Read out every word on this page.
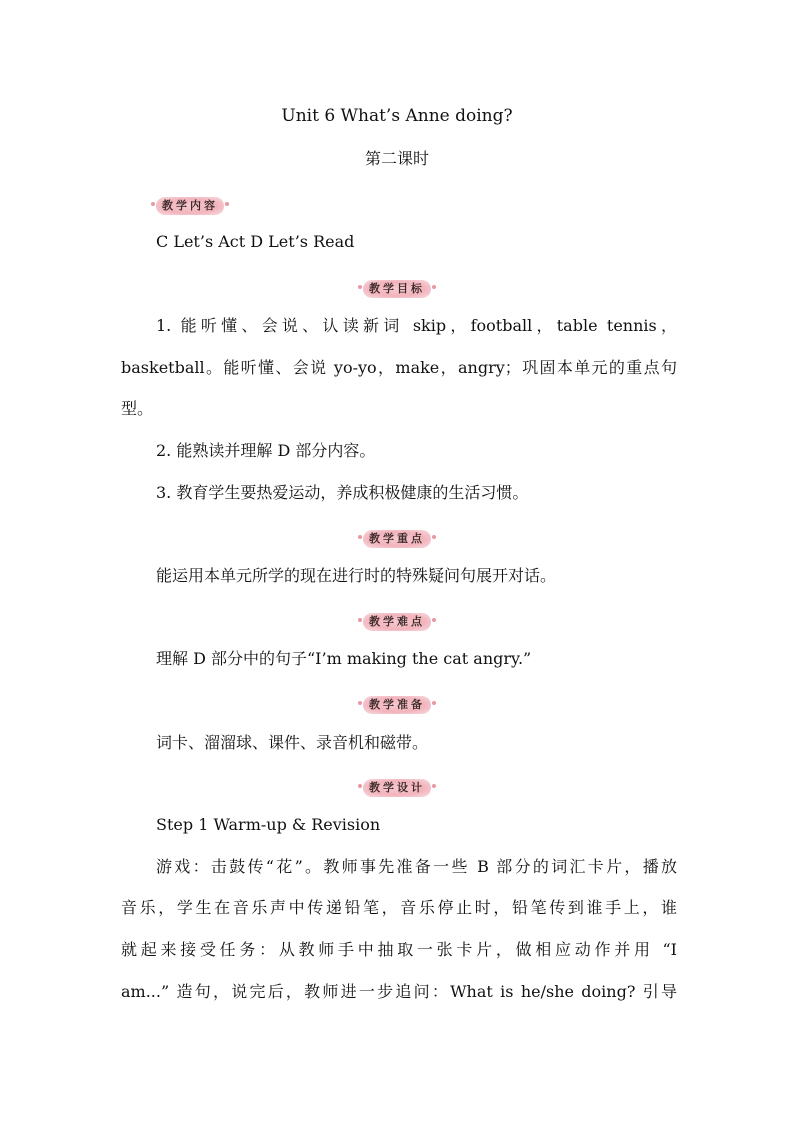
Unit 6 What’s Anne doing?
第二课时
教学内容
C Let’s Act D Let’s Read
教学目标
1. 能听懂、会说、认读新词 skip，football，table tennis，
basketball。能听懂、会说 yo-yo，make，angry；巩固本单元的重点句
型。
2. 能熟读并理解 D 部分内容。
3. 教育学生要热爱运动，养成积极健康的生活习惯。
教学重点
能运用本单元所学的现在进行时的特殊疑问句展开对话。
教学难点
理解 D 部分中的句子“I’m making the cat angry.”
教学准备
词卡、溜溜球、课件、录音机和磁带。
教学设计
Step 1 Warm-up & Revision
游戏：击鼓传“花”。教师事先准备一些 B 部分的词汇卡片，播放
音乐，学生在音乐声中传递铅笔，音乐停止时，铅笔传到谁手上，谁
就起来接受任务：从教师手中抽取一张卡片，做相应动作并用 “I
am...” 造句，说完后，教师进一步追问：What is he/she doing? 引导
